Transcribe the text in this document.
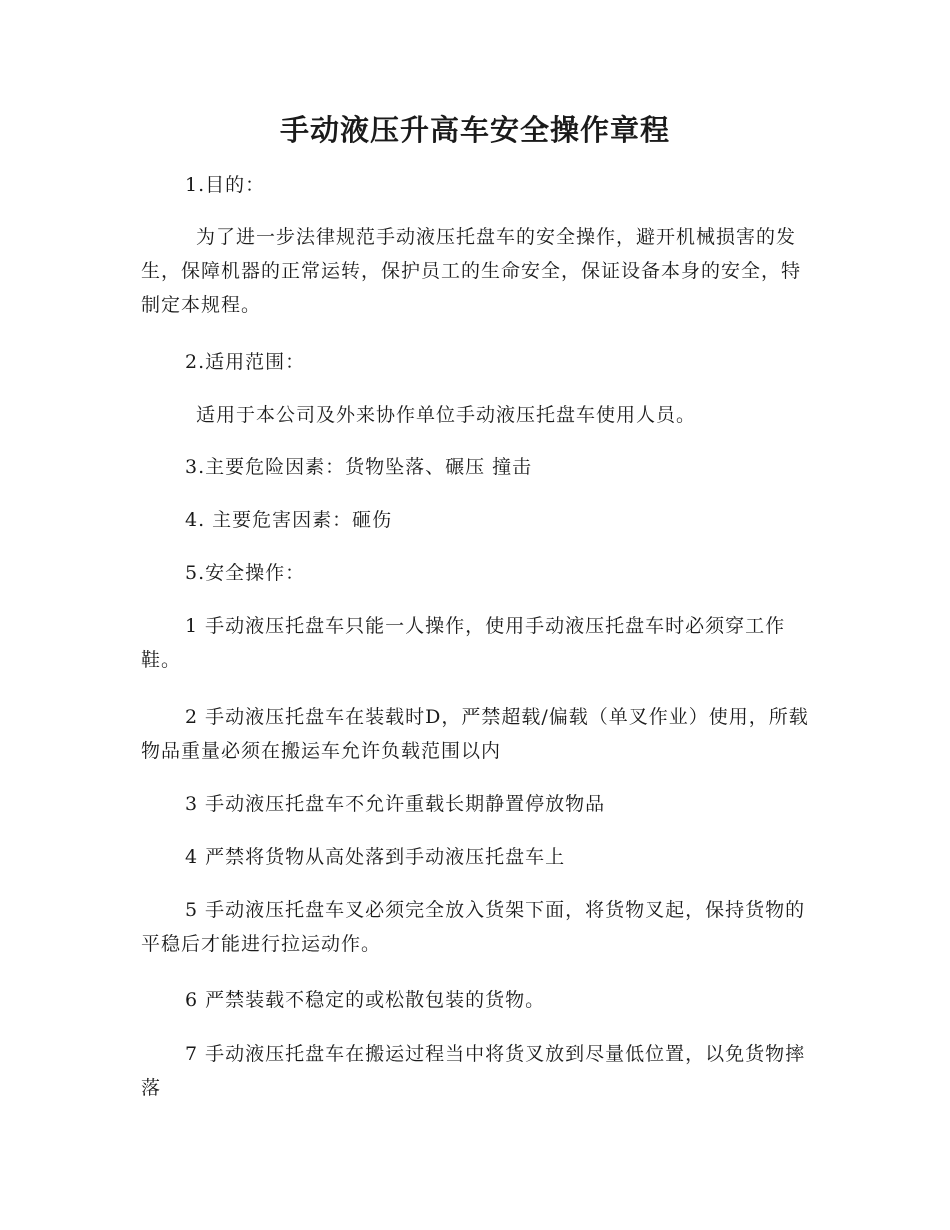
手动液压升高车安全操作章程
1.目的：
为了进一步法律规范手动液压托盘车的安全操作，避开机械损害的发生，保障机器的正常运转，保护员工的生命安全，保证设备本身的安全，特制定本规程。
2.适用范围：
适用于本公司及外来协作单位手动液压托盘车使用人员。
3.主要危险因素：货物坠落、碾压 撞击
4. 主要危害因素：砸伤
5.安全操作：
1 手动液压托盘车只能一人操作，使用手动液压托盘车时必须穿工作鞋。
2 手动液压托盘车在装载时D，严禁超载/偏载（单叉作业）使用，所载物品重量必须在搬运车允许负载范围以内
3 手动液压托盘车不允许重载长期静置停放物品
4 严禁将货物从高处落到手动液压托盘车上
5 手动液压托盘车叉必须完全放入货架下面，将货物叉起，保持货物的平稳后才能进行拉运动作。
6 严禁装载不稳定的或松散包装的货物。
7 手动液压托盘车在搬运过程当中将货叉放到尽量低位置，以免货物摔落
